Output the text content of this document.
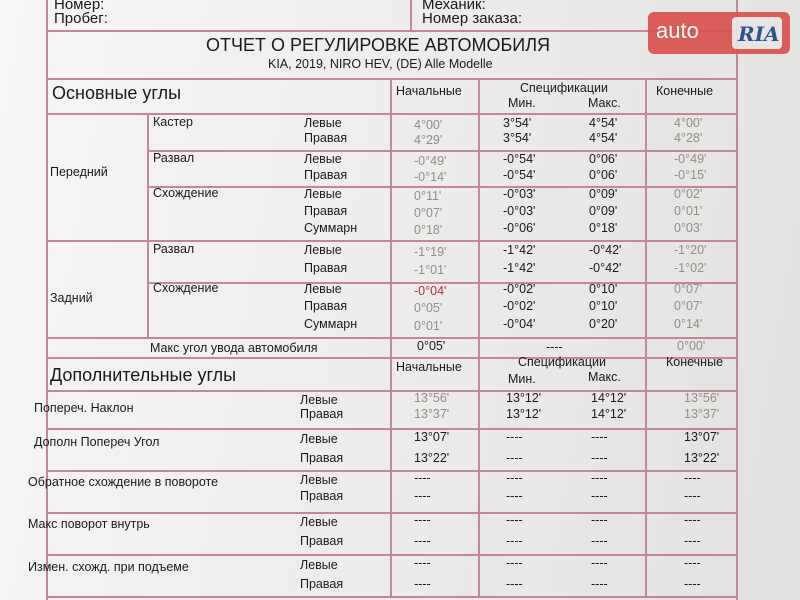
Номер:	Механик:
Пробег:	Номер заказа:
ОТЧЕТ О РЕГУЛИРОВКЕ АВТОМОБИЛЯ
KIA, 2019, NIRO HEV, (DE) Alle Modelle
Основные углы	Начальные	Спецификации
Мин.	Макс.
Конечные
Передний
Задний
Кастер	Левые	4°00'	3°54'	4°54'	4°00'
Правая	4°29'	3°54'	4°54'	4°28'
Развал	Левые	-0°49'	-0°54'	0°06'	-0°49'
Правая	-0°14'	-0°54'	0°06'	-0°15'
Схождение	Левые	0°11'	-0°03'	0°09'	0°02'
Правая	0°07'	-0°03'	0°09'	0°01'
Суммарн	0°18'	-0°06'	0°18'	0°03'
Развал	Левые	-1°19'	-1°42'	-0°42'	-1°20'
Правая	-1°01'	-1°42'	-0°42'	-1°02'
Схождение	Левые	-0°04'	-0°02'	0°10'	0°07'
Правая	0°05'	-0°02'	0°10'	0°07'
Суммарн	0°01'	-0°04'	0°20'	0°14'
Макс угол увода автомобиля	0°05'	----	0°00'
Дополнительные углы	Начальные	Спецификации
Мин.	Макс.
Конечные
Попереч. Наклон
Левые	13°56'	13°12'	14°12'	13°56'
Правая	13°37'	13°12'	14°12'	13°37'
Дополн Попереч Угол	Левые	13°07'	----	----	13°07'
Правая	13°22'	----	----	13°22'
Обратное схождение в повороте	Левые	----	----	----	----
Правая	----	----	----	----
Макс поворот внутрь	Левые	----	----	----	----
Правая	----	----	----	----
Измен. схожд. при подъеме	Левые	----	----	----	----
Правая	----	----	----	----
auto RIA
